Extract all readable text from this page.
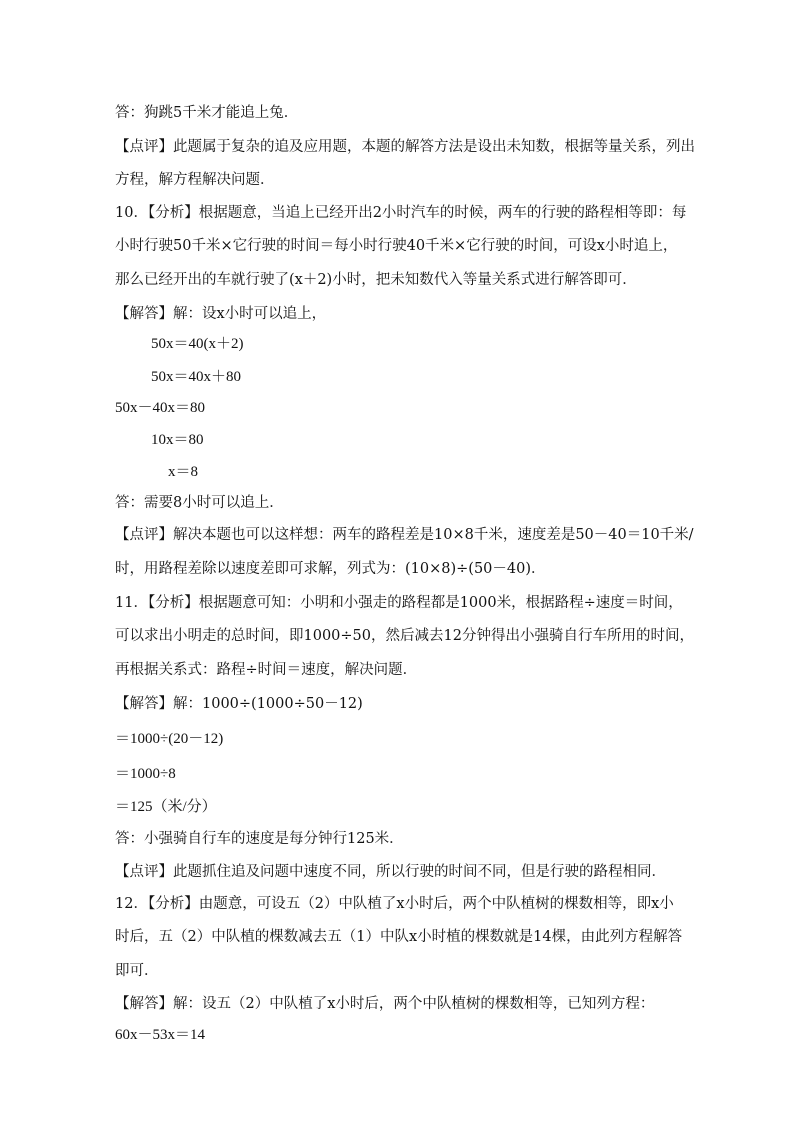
答：狗跳5千米才能追上兔．
【点评】此题属于复杂的追及应用题，本题的解答方法是设出未知数，根据等量关系，列出
方程，解方程解决问题．
10．【分析】根据题意，当追上已经开出2小时汽车的时候，两车的行驶的路程相等即：每
小时行驶50千米×它行驶的时间＝每小时行驶40千米×它行驶的时间，可设x小时追上，
那么已经开出的车就行驶了(x＋2)小时，把未知数代入等量关系式进行解答即可．
【解答】解：设x小时可以追上，
50x＝40(x＋2)
50x＝40x＋80
50x－40x＝80
10x＝80
x＝8
答：需要8小时可以追上．
【点评】解决本题也可以这样想：两车的路程差是10×8千米，速度差是50－40＝10千米/
时，用路程差除以速度差即可求解，列式为：(10×8)÷(50－40)．
11．【分析】根据题意可知：小明和小强走的路程都是1000米，根据路程÷速度＝时间，
可以求出小明走的总时间，即1000÷50，然后减去12分钟得出小强骑自行车所用的时间，
再根据关系式：路程÷时间＝速度，解决问题．
【解答】解：1000÷(1000÷50－12)
＝1000÷(20－12)
＝1000÷8
＝125（米/分）
答：小强骑自行车的速度是每分钟行125米．
【点评】此题抓住追及问题中速度不同，所以行驶的时间不同，但是行驶的路程相同．
12．【分析】由题意，可设五（2）中队植了x小时后，两个中队植树的棵数相等，即x小
时后，五（2）中队植的棵数减去五（1）中队x小时植的棵数就是14棵，由此列方程解答
即可．
【解答】解：设五（2）中队植了x小时后，两个中队植树的棵数相等，已知列方程：
60x－53x＝14
